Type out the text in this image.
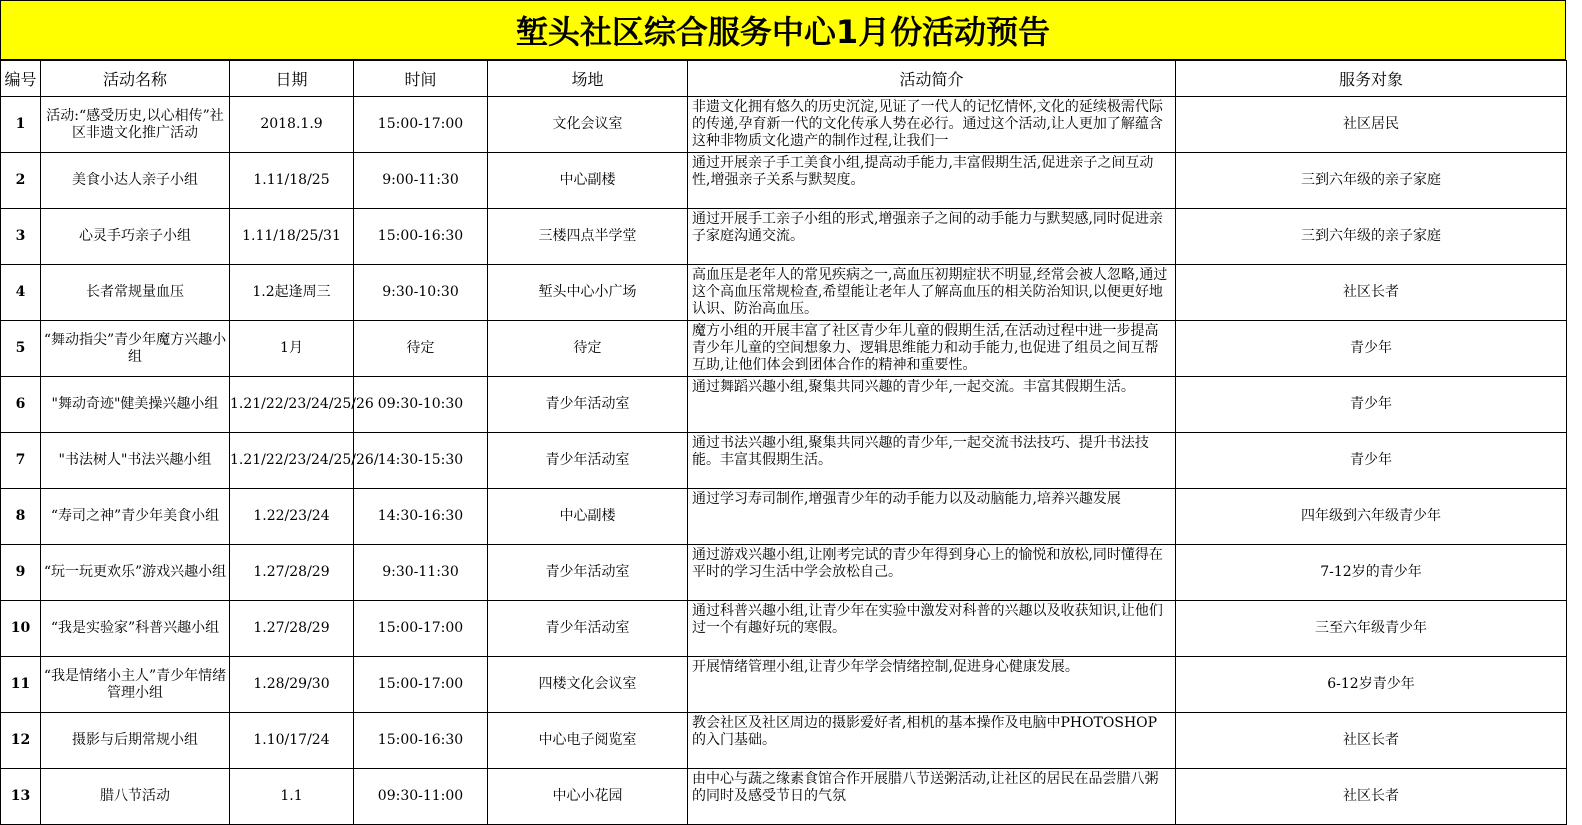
堑头社区综合服务中心1月份活动预告
编号	活动名称	日期	时间	场地	活动简介	服务对象

1	活动:“感受历史,以心相传”社区非遗文化推广活动	2018.1.9	15:00-17:00	文化会议室	非遗文化拥有悠久的历史沉淀,见证了一代人的记忆情怀,文化的延续极需代际的传递,孕育新一代的文化传承人势在必行。通过这个活动,让人更加了解蕴含这种非物质文化遗产的制作过程,让我们一	社区居民

2	美食小达人亲子小组	1.11/18/25	9:00-11:30	中心副楼	通过开展亲子手工美食小组,提高动手能力,丰富假期生活,促进亲子之间互动性,增强亲子关系与默契度。	三到六年级的亲子家庭

3	心灵手巧亲子小组	1.11/18/25/31	15:00-16:30	三楼四点半学堂	通过开展手工亲子小组的形式,增强亲子之间的动手能力与默契感,同时促进亲子家庭沟通交流。	三到六年级的亲子家庭

4	长者常规量血压	1.2起逢周三	9:30-10:30	堑头中心小广场	高血压是老年人的常见疾病之一,高血压初期症状不明显,经常会被人忽略,通过这个高血压常规检查,希望能让老年人了解高血压的相关防治知识,以便更好地认识、防治高血压。	社区长者

5	“舞动指尖”青少年魔方兴趣小组	1月	待定	待定	魔方小组的开展丰富了社区青少年儿童的假期生活,在活动过程中进一步提高青少年儿童的空间想象力、逻辑思维能力和动手能力,也促进了组员之间互帮互助,让他们体会到团体合作的精神和重要性。	青少年

6	"舞动奇迹"健美操兴趣小组	1.21/22/23/24/25/26	09:30-10:30	青少年活动室	通过舞蹈兴趣小组,聚集共同兴趣的青少年,一起交流。丰富其假期生活。	青少年

7	"书法树人"书法兴趣小组	1.21/22/23/24/25/26/	14:30-15:30	青少年活动室	通过书法兴趣小组,聚集共同兴趣的青少年,一起交流书法技巧、提升书法技能。丰富其假期生活。	青少年

8	“寿司之神”青少年美食小组	1.22/23/24	14:30-16:30	中心副楼	通过学习寿司制作,增强青少年的动手能力以及动脑能力,培养兴趣发展	四年级到六年级青少年

9	“玩一玩更欢乐”游戏兴趣小组	1.27/28/29	9:30-11:30	青少年活动室	通过游戏兴趣小组,让刚考完试的青少年得到身心上的愉悦和放松,同时懂得在平时的学习生活中学会放松自己。	7-12岁的青少年

10	“我是实验家”科普兴趣小组	1.27/28/29	15:00-17:00	青少年活动室	通过科普兴趣小组,让青少年在实验中激发对科普的兴趣以及收获知识,让他们过一个有趣好玩的寒假。	三至六年级青少年

11	“我是情绪小主人”青少年情绪管理小组	1.28/29/30	15:00-17:00	四楼文化会议室	开展情绪管理小组,让青少年学会情绪控制,促进身心健康发展。	6-12岁青少年

12	摄影与后期常规小组	1.10/17/24	15:00-16:30	中心电子阅览室	教会社区及社区周边的摄影爱好者,相机的基本操作及电脑中PHOTOSHOP的入门基础。	社区长者

13	腊八节活动	1.1	09:30-11:00	中心小花园	由中心与蔬之缘素食馆合作开展腊八节送粥活动,让社区的居民在品尝腊八粥的同时及感受节日的气氛	社区长者
